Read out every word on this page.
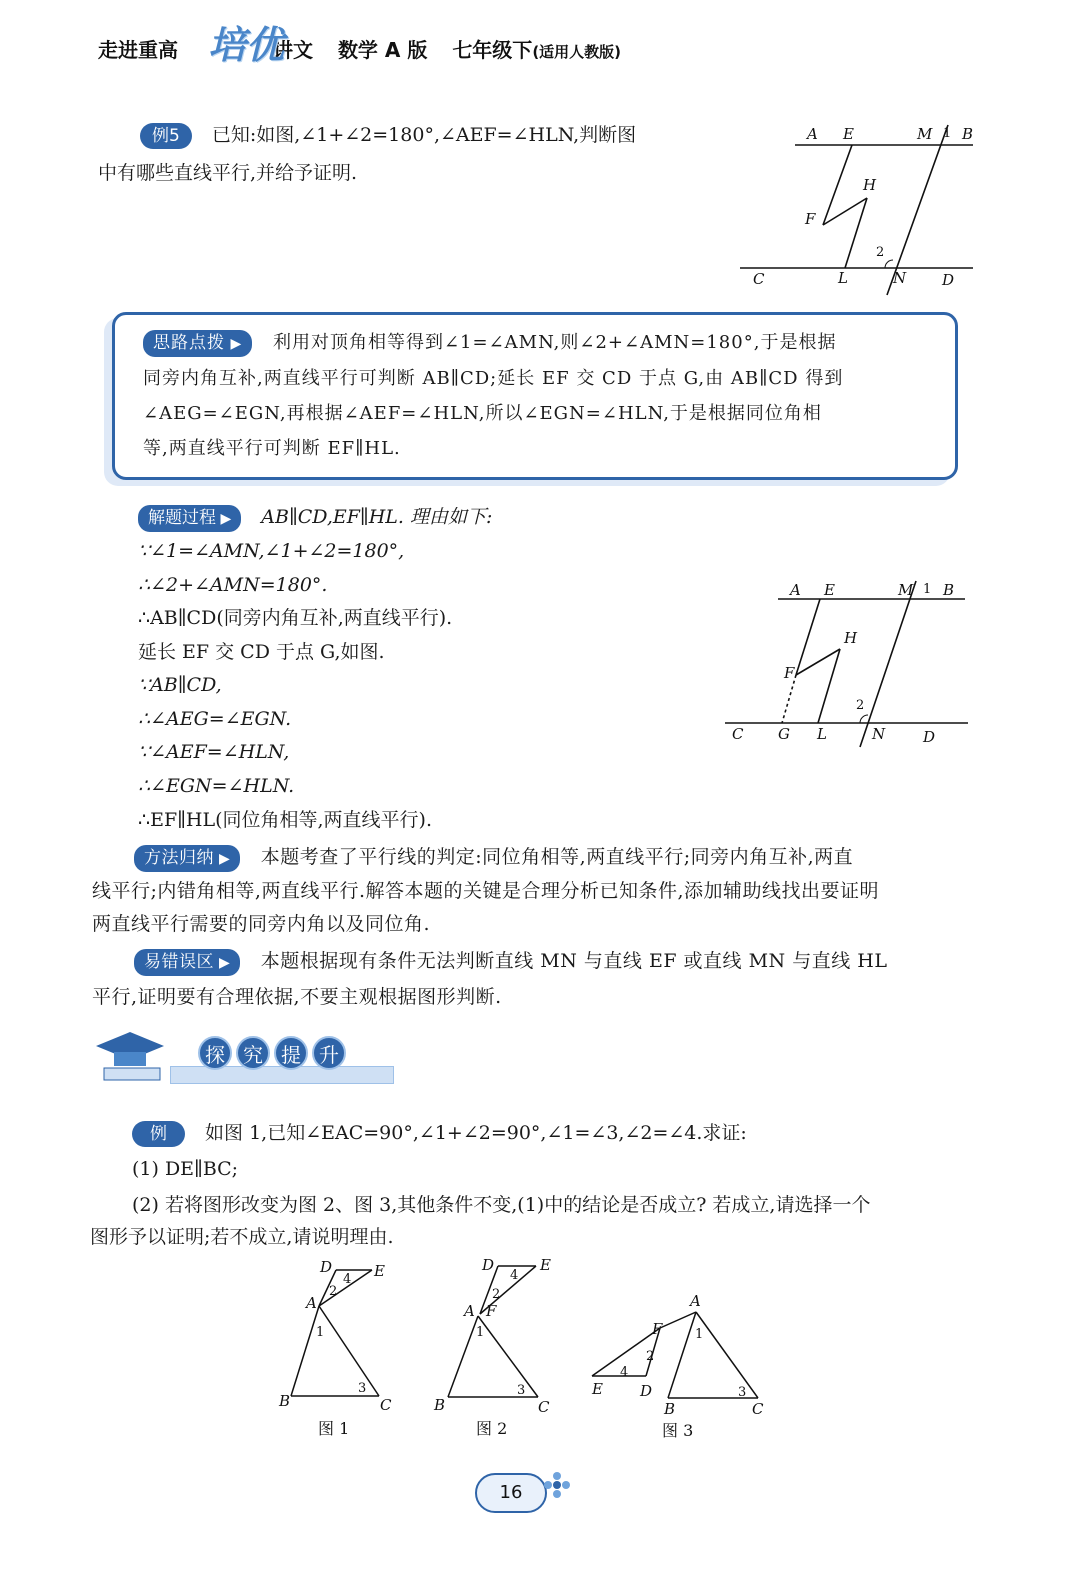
走进重高	讲文 数学 A 版 七年级下(适用人教版)
培优
例5 已知:如图,∠1+∠2=180°,∠AEF=∠HLN,判断图
中有哪些直线平行,并给予证明.
A E	M 1 B
H
F
2
C	L	N D
思路点拨 ▶	利用对顶角相等得到∠1=∠AMN,则∠2+∠AMN=180°,于是根据
同旁内角互补,两直线平行可判断 AB∥CD;延长 EF 交 CD 于点 G,由 AB∥CD 得到
∠AEG=∠EGN,再根据∠AEF=∠HLN,所以∠EGN=∠HLN,于是根据同位角相
等,两直线平行可判断 EF∥HL.
解题过程 ▶ AB∥CD,EF∥HL. 理由如下:
∵∠1=∠AMN,∠1+∠2=180°,
∴∠2+∠AMN=180°.
∴AB∥CD(同旁内角互补,两直线平行).
延长 EF 交 CD 于点 G,如图.
∵AB∥CD,
∴∠AEG=∠EGN.
∵∠AEF=∠HLN,
∴∠EGN=∠HLN.
∴EF∥HL(同位角相等,两直线平行).
A E	M 1 B
H
F
2
C G L	N	D
方法归纳 ▶ 本题考查了平行线的判定:同位角相等,两直线平行;同旁内角互补,两直
线平行;内错角相等,两直线平行.解答本题的关键是合理分析已知条件,添加辅助线找出要证明
两直线平行需要的同旁内角以及同位角.
易错误区 ▶ 本题根据现有条件无法判断直线 MN 与直线 EF 或直线 MN 与直线 HL
平行,证明要有合理依据,不要主观根据图形判断.
探 究 提 升
例 如图 1,已知∠EAC=90°,∠1+∠2=90°,∠1=∠3,∠2=∠4.求证:
(1) DE∥BC;
(2) 若将图形改变为图 2、图 3,其他条件不变,(1)中的结论是否成立? 若成立,请选择一个
图形予以证明;若不成立,请说明理由.
D	E
A
B	C
1
2
3
4
图 1
D	E
A F
B	C
1
2
3
4
图 2
A
F
E D
B	C
1
2
3
4
图 3
16
